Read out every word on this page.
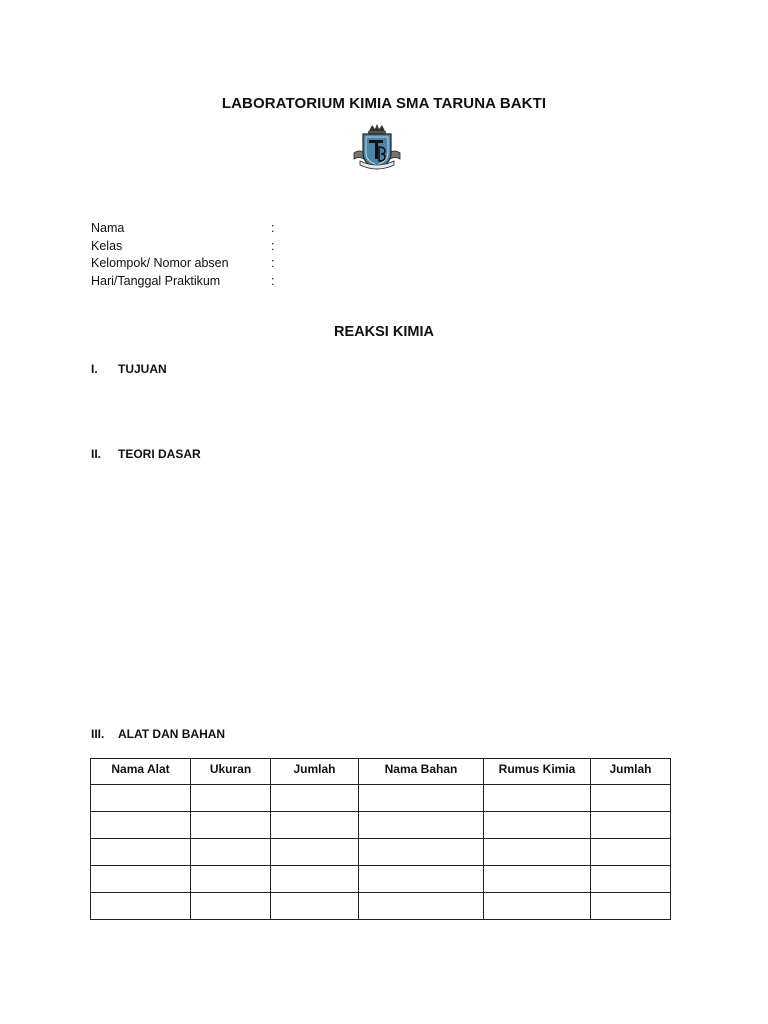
LABORATORIUM KIMIA SMA TARUNA BAKTI
Nama	:
Kelas	:
Kelompok/ Nomor absen	:
Hari/Tanggal Praktikum	:
REAKSI KIMIA
I.	TUJUAN
II.	TEORI DASAR
III.	ALAT DAN BAHAN
Nama Alat	Ukuran	Jumlah	Nama Bahan	Rumus Kimia	Jumlah
